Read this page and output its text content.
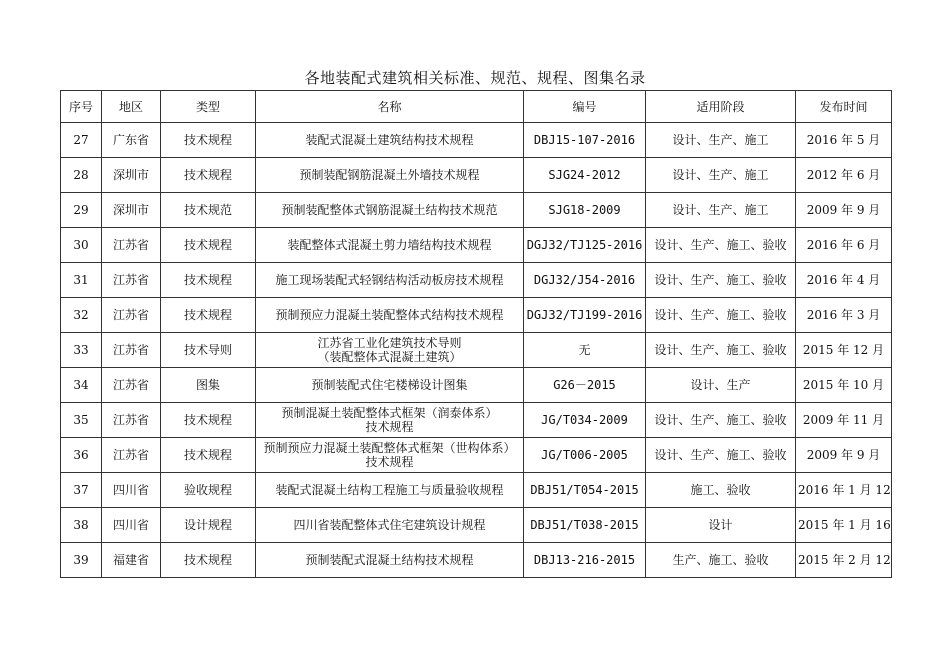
各地装配式建筑相关标准、规范、规程、图集名录
序号	地区	类型	名称	编号	适用阶段	发布时间
27	广东省	技术规程	装配式混凝土建筑结构技术规程	DBJ15-107-2016	设计、生产、施工	2016 年 5 月
28	深圳市	技术规程	预制装配钢筋混凝土外墙技术规程	SJG24-2012	设计、生产、施工	2012 年 6 月
29	深圳市	技术规范	预制装配整体式钢筋混凝土结构技术规范	SJG18-2009	设计、生产、施工	2009 年 9 月
30	江苏省	技术规程	装配整体式混凝土剪力墙结构技术规程	DGJ32/TJ125-2016	设计、生产、施工、验收	2016 年 6 月
31	江苏省	技术规程	施工现场装配式轻钢结构活动板房技术规程	DGJ32/J54-2016	设计、生产、施工、验收	2016 年 4 月
32	江苏省	技术规程	预制预应力混凝土装配整体式结构技术规程	DGJ32/TJ199-2016	设计、生产、施工、验收	2016 年 3 月
33	江苏省	技术导则	江苏省工业化建筑技术导则
（装配整体式混凝土建筑）	无	设计、生产、施工、验收	2015 年 12 月
34	江苏省	图集	预制装配式住宅楼梯设计图集	G26－2015	设计、生产	2015 年 10 月
35	江苏省	技术规程	预制混凝土装配整体式框架（润泰体系）
技术规程	JG/T034-2009	设计、生产、施工、验收	2009 年 11 月
36	江苏省	技术规程	预制预应力混凝土装配整体式框架（世构体系）
技术规程	JG/T006-2005	设计、生产、施工、验收	2009 年 9 月
37	四川省	验收规程	装配式混凝土结构工程施工与质量验收规程	DBJ51/T054-2015	施工、验收	2016 年 1 月 12
38	四川省	设计规程	四川省装配整体式住宅建筑设计规程	DBJ51/T038-2015	设计	2015 年 1 月 16
39	福建省	技术规程	预制装配式混凝土结构技术规程	DBJ13-216-2015	生产、施工、验收	2015 年 2 月 12
